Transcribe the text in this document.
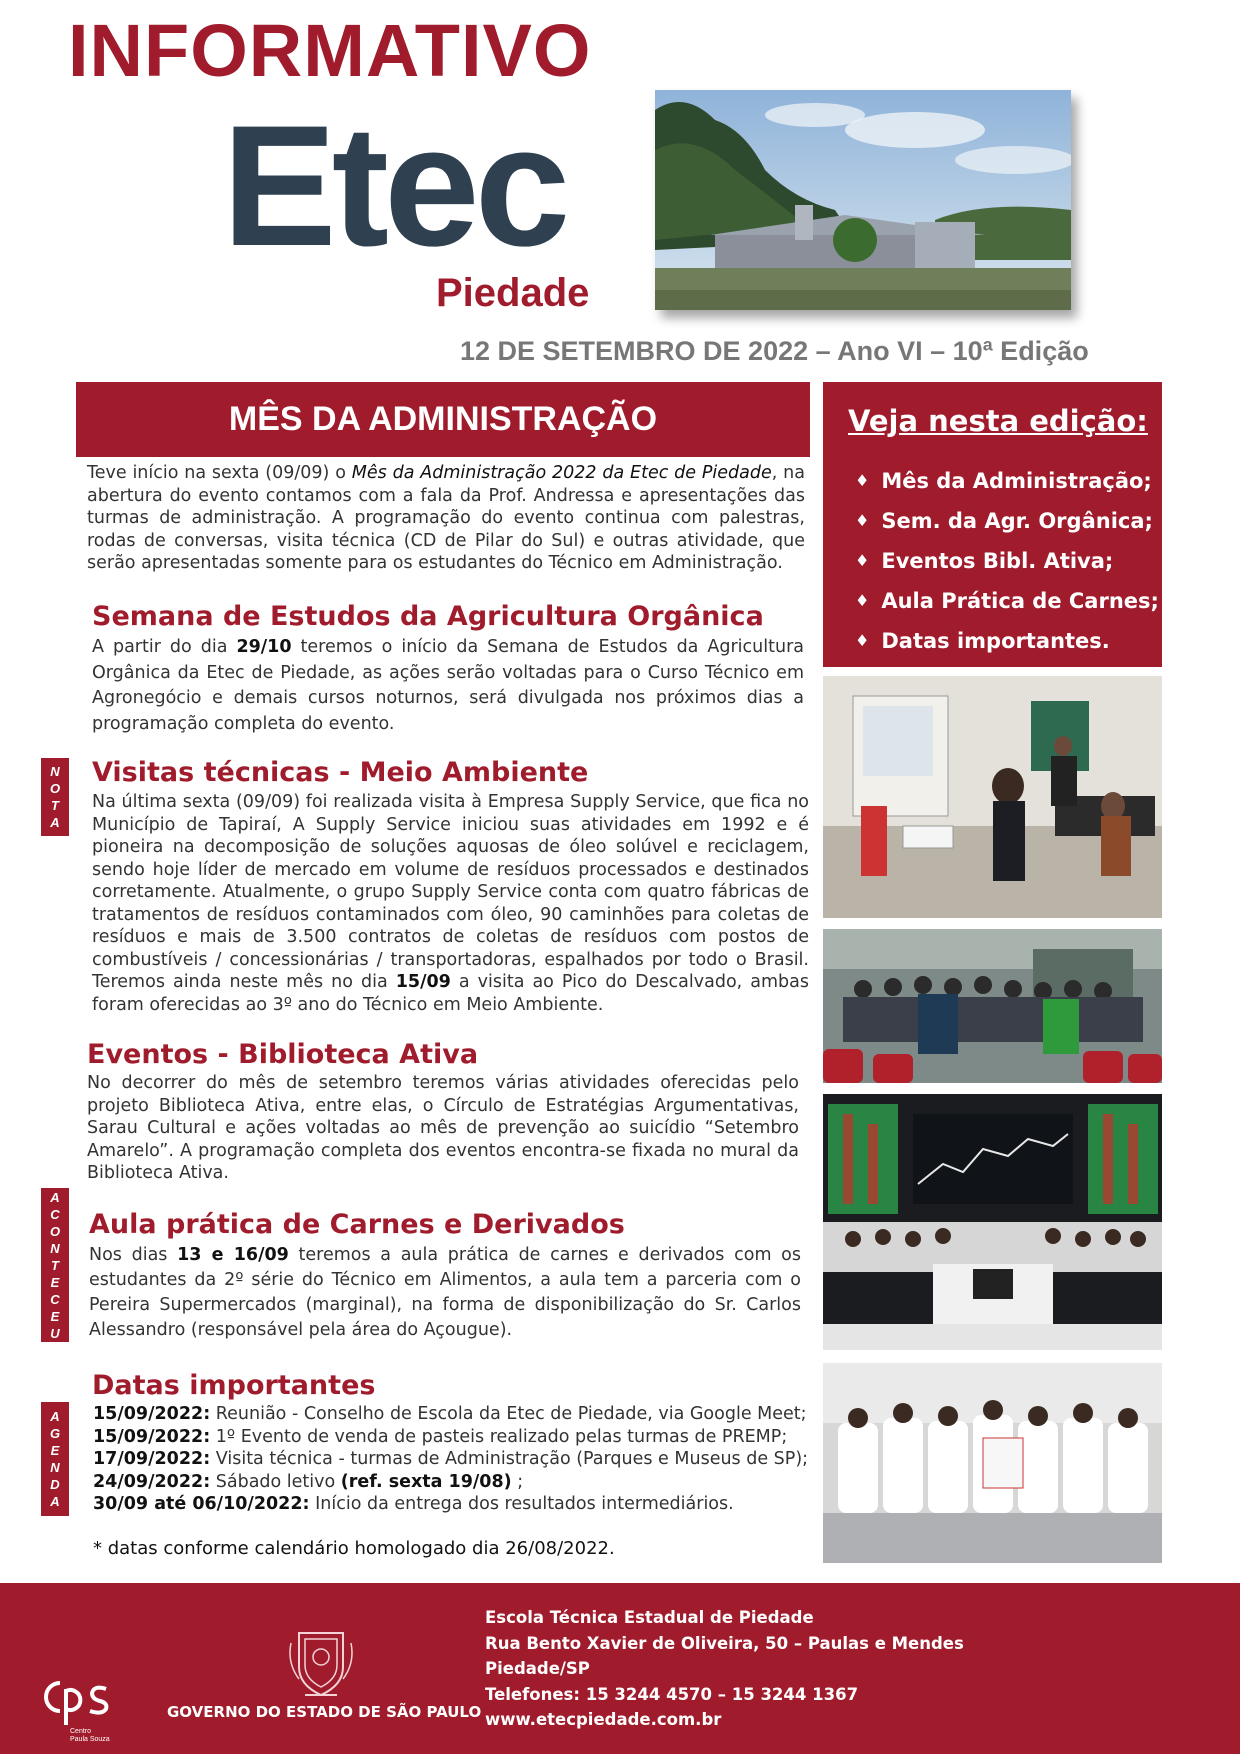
INFORMATIVO
Etec
Piedade
12 DE SETEMBRO DE 2022 – Ano VI – 10ª Edição
MÊS DA ADMINISTRAÇÃO	Veja nesta edição:
♦ Mês da Administração;
♦ Sem. da Agr. Orgânica;
♦ Eventos Bibl. Ativa;
♦ Aula Prática de Carnes;
♦ Datas importantes.
Teve início na sexta (09/09) o Mês da Administração 2022 da Etec de Piedade, na abertura do evento contamos com a fala da Prof. Andressa e apresentações das turmas de administração. A programação do evento continua com palestras, rodas de conversas, visita técnica (CD de Pilar do Sul) e outras atividade, que serão apresentadas somente para os estudantes do Técnico em Administração.
Semana de Estudos da Agricultura Orgânica
A partir do dia 29/10 teremos o início da Semana de Estudos da Agricultura Orgânica da Etec de Piedade, as ações serão voltadas para o Curso Técnico em Agronegócio e demais cursos noturnos, será divulgada nos próximos dias a programação completa do evento.
N
O
T
A
Visitas técnicas - Meio Ambiente
Na última sexta (09/09) foi realizada visita à Empresa Supply Service, que fica no Município de Tapiraí, A Supply Service iniciou suas atividades em 1992 e é pioneira na decomposição de soluções aquosas de óleo solúvel e reciclagem, sendo hoje líder de mercado em volume de resíduos processados e destinados corretamente. Atualmente, o grupo Supply Service conta com quatro fábricas de tratamentos de resíduos contaminados com óleo, 90 caminhões para coletas de resíduos e mais de 3.500 contratos de coletas de resíduos com postos de combustíveis / concessionárias / transportadoras, espalhados por todo o Brasil. Teremos ainda neste mês no dia 15/09 a visita ao Pico do Descalvado, ambas foram oferecidas ao 3º ano do Técnico em Meio Ambiente.
Eventos - Biblioteca Ativa
No decorrer do mês de setembro teremos várias atividades oferecidas pelo projeto Biblioteca Ativa, entre elas, o Círculo de Estratégias Argumentativas, Sarau Cultural e ações voltadas ao mês de prevenção ao suicídio “Setembro Amarelo”. A programação completa dos eventos encontra-se fixada no mural da Biblioteca Ativa.
A
C
O
N
T
E
C
E
U
Aula prática de Carnes e Derivados
Nos dias 13 e 16/09 teremos a aula prática de carnes e derivados com os estudantes da 2º série do Técnico em Alimentos, a aula tem a parceria com o Pereira Supermercados (marginal), na forma de disponibilização do Sr. Carlos Alessandro (responsável pela área do Açougue).
A
G
E
N
D
A
Datas importantes
15/09/2022: Reunião - Conselho de Escola da Etec de Piedade, via Google Meet;
15/09/2022: 1º Evento de venda de pasteis realizado pelas turmas de PREMP;
17/09/2022: Visita técnica - turmas de Administração (Parques e Museus de SP);
24/09/2022: Sábado letivo (ref. sexta 19/08) ;
30/09 até 06/10/2022: Início da entrega dos resultados intermediários.
* datas conforme calendário homologado dia 26/08/2022.
Centro
Paula Souza
GOVERNO DO ESTADO DE SÃO PAULO
Escola Técnica Estadual de Piedade
Rua Bento Xavier de Oliveira, 50 – Paulas e Mendes
Piedade/SP
Telefones: 15 3244 4570 – 15 3244 1367
www.etecpiedade.com.br
